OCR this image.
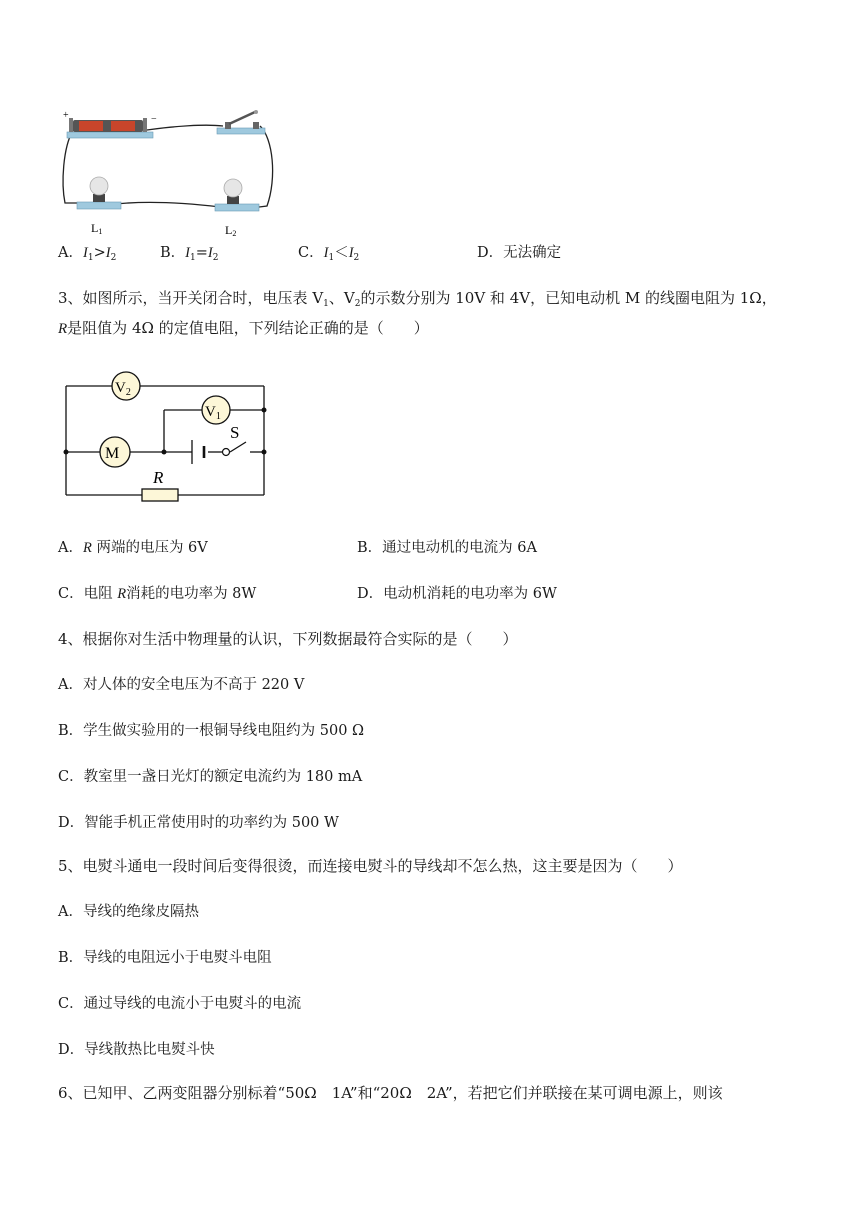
+	−
L1	L2
A．$I_1>I_2$	B．$I_1=I_2$	C．$I_1<I_2$	D．无法确定
3、如图所示，当开关闭合时，电压表 $V_1$、$V_2$的示数分别为 10V 和 4V，已知电动机 M 的线圈电阻为 1Ω，
R是阻值为 4Ω 的定值电阻，下列结论正确的是（　　）
S
$V_2$
$V_1$
M
R
A．R 两端的电压为 6V	B．通过电动机的电流为 6A
C．电阻 R消耗的电功率为 8W	D．电动机消耗的电功率为 6W
4、根据你对生活中物理量的认识，下列数据最符合实际的是（　　）
A．对人体的安全电压为不高于 220 V
B．学生做实验用的一根铜导线电阻约为 500 Ω
C．教室里一盏日光灯的额定电流约为 180 mA
D．智能手机正常使用时的功率约为 500 W
5、电熨斗通电一段时间后变得很烫，而连接电熨斗的导线却不怎么热，这主要是因为（　　）
A．导线的绝缘皮隔热
B．导线的电阻远小于电熨斗电阻
C．通过导线的电流小于电熨斗的电流
D．导线散热比电熨斗快
6、已知甲、乙两变阻器分别标着“50Ω　1A”和“20Ω　2A”，若把它们并联接在某可调电源上，则该
